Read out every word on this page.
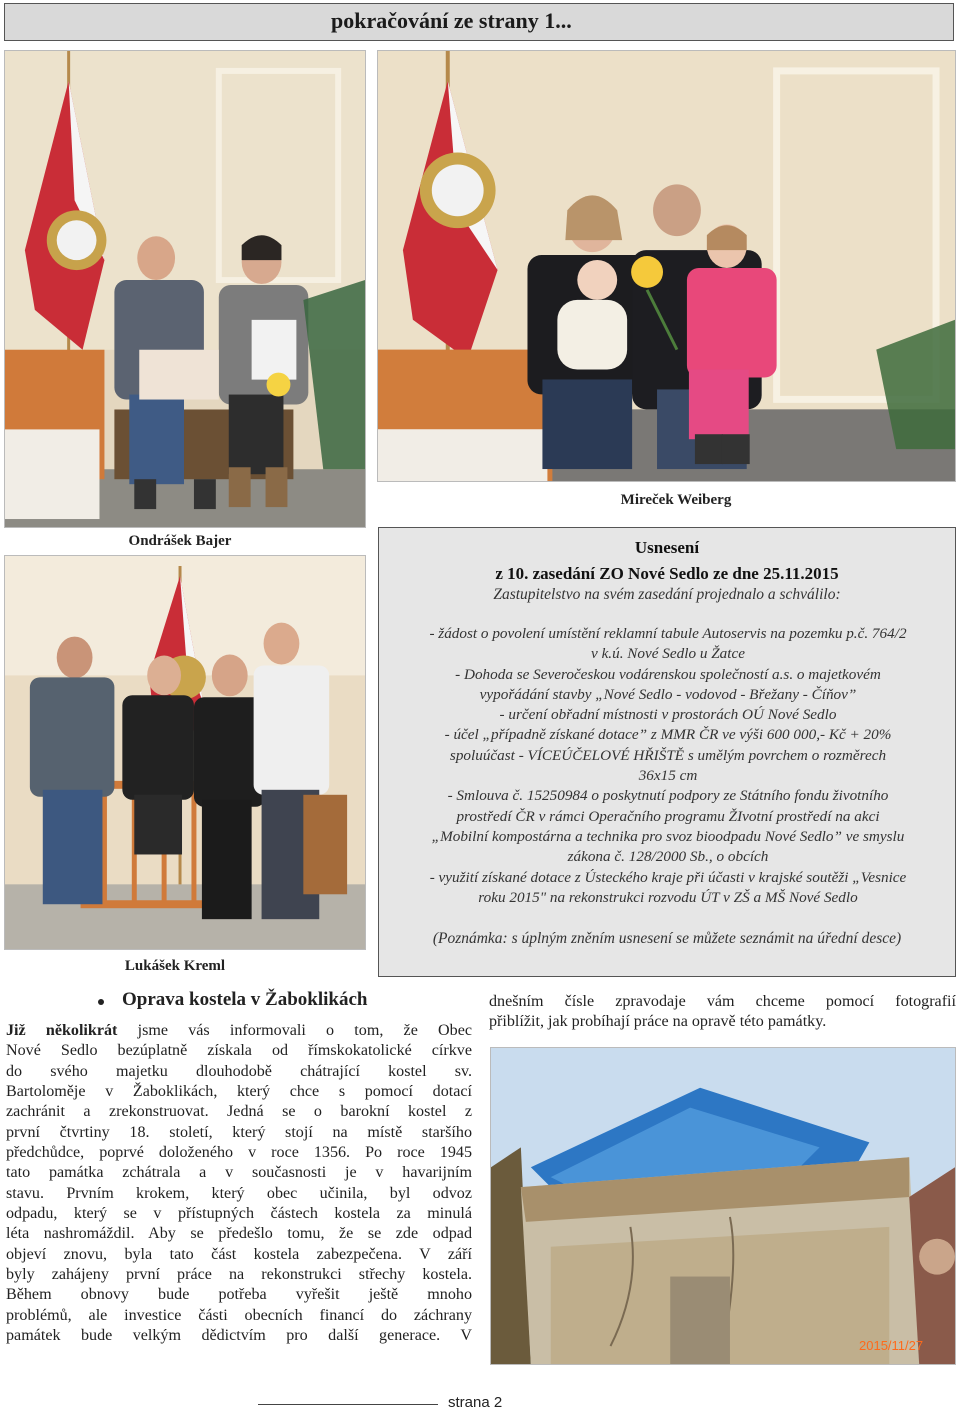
pokračování ze strany 1...
Ondrášek Bajer
Mireček Weiberg
Lukášek Kreml
Usnesení
z 10. zasedání ZO Nové Sedlo ze dne 25.11.2015
Zastupitelstvo na svém zasedání projednalo a schválilo:
- žádost o povolení umístění reklamní tabule Autoservis na pozemku p.č. 764/2
v k.ú. Nové Sedlo u Žatce
- Dohoda se Severočeskou vodárenskou společností a.s. o majetkovém
vypořádání stavby „Nové Sedlo - vodovod - Břežany - Číňov”
- určení obřadní místnosti v prostorách OÚ Nové Sedlo
- účel „případně získané dotace” z MMR ČR ve výši 600 000,- Kč + 20%
spoluúčast - VÍCEÚČELOVÉ HŘIŠTĚ s umělým povrchem o rozměrech
36x15 cm
- Smlouva č. 15250984 o poskytnutí podpory ze Státního fondu životního
prostředí ČR v rámci Operačního programu ŽIvotní prostředí na akci
„Mobilní kompostárna a technika pro svoz bioodpadu Nové Sedlo” ve smyslu
zákona č. 128/2000 Sb., o obcích
- využití získané dotace z Ústeckého kraje při účasti v krajské soutěži „Vesnice
roku 2015" na rekonstrukci rozvodu ÚT v ZŠ a MŠ Nové Sedlo
(Poznámka: s úplným zněním usnesení se můžete seznámit na úřední desce)
Oprava kostela v Žaboklikách
Již několikrát jsme vás informovali o tom, že Obec
Nové Sedlo bezúplatně získala od římskokatolické církve
do svého majetku dlouhodobě chátrající kostel sv.
Bartoloměje v Žaboklikách, který chce s pomocí dotací
zachránit a zrekonstruovat. Jedná se o barokní kostel z
první čtvrtiny 18. století, který stojí na místě staršího
předchůdce, poprvé doloženého v roce 1356. Po roce 1945
tato památka zchátrala a v současnosti je v havarijním
stavu. Prvním krokem, který obec učinila, byl odvoz
odpadu, který se v přístupných částech kostela za minulá
léta nashromáždil. Aby se předešlo tomu, že se zde odpad
objeví znovu, byla tato část kostela zabezpečena. V září
byly zahájeny první práce na rekonstrukci střechy kostela.
Během obnovy bude potřeba vyřešit ještě mnoho
problémů, ale investice části obecních financí do záchrany
památek bude velkým dědictvím pro další generace. V
dnešním čísle zpravodaje vám chceme pomocí fotografií
přiblížit, jak probíhají práce na opravě této památky.
2015/11/27
strana 2
